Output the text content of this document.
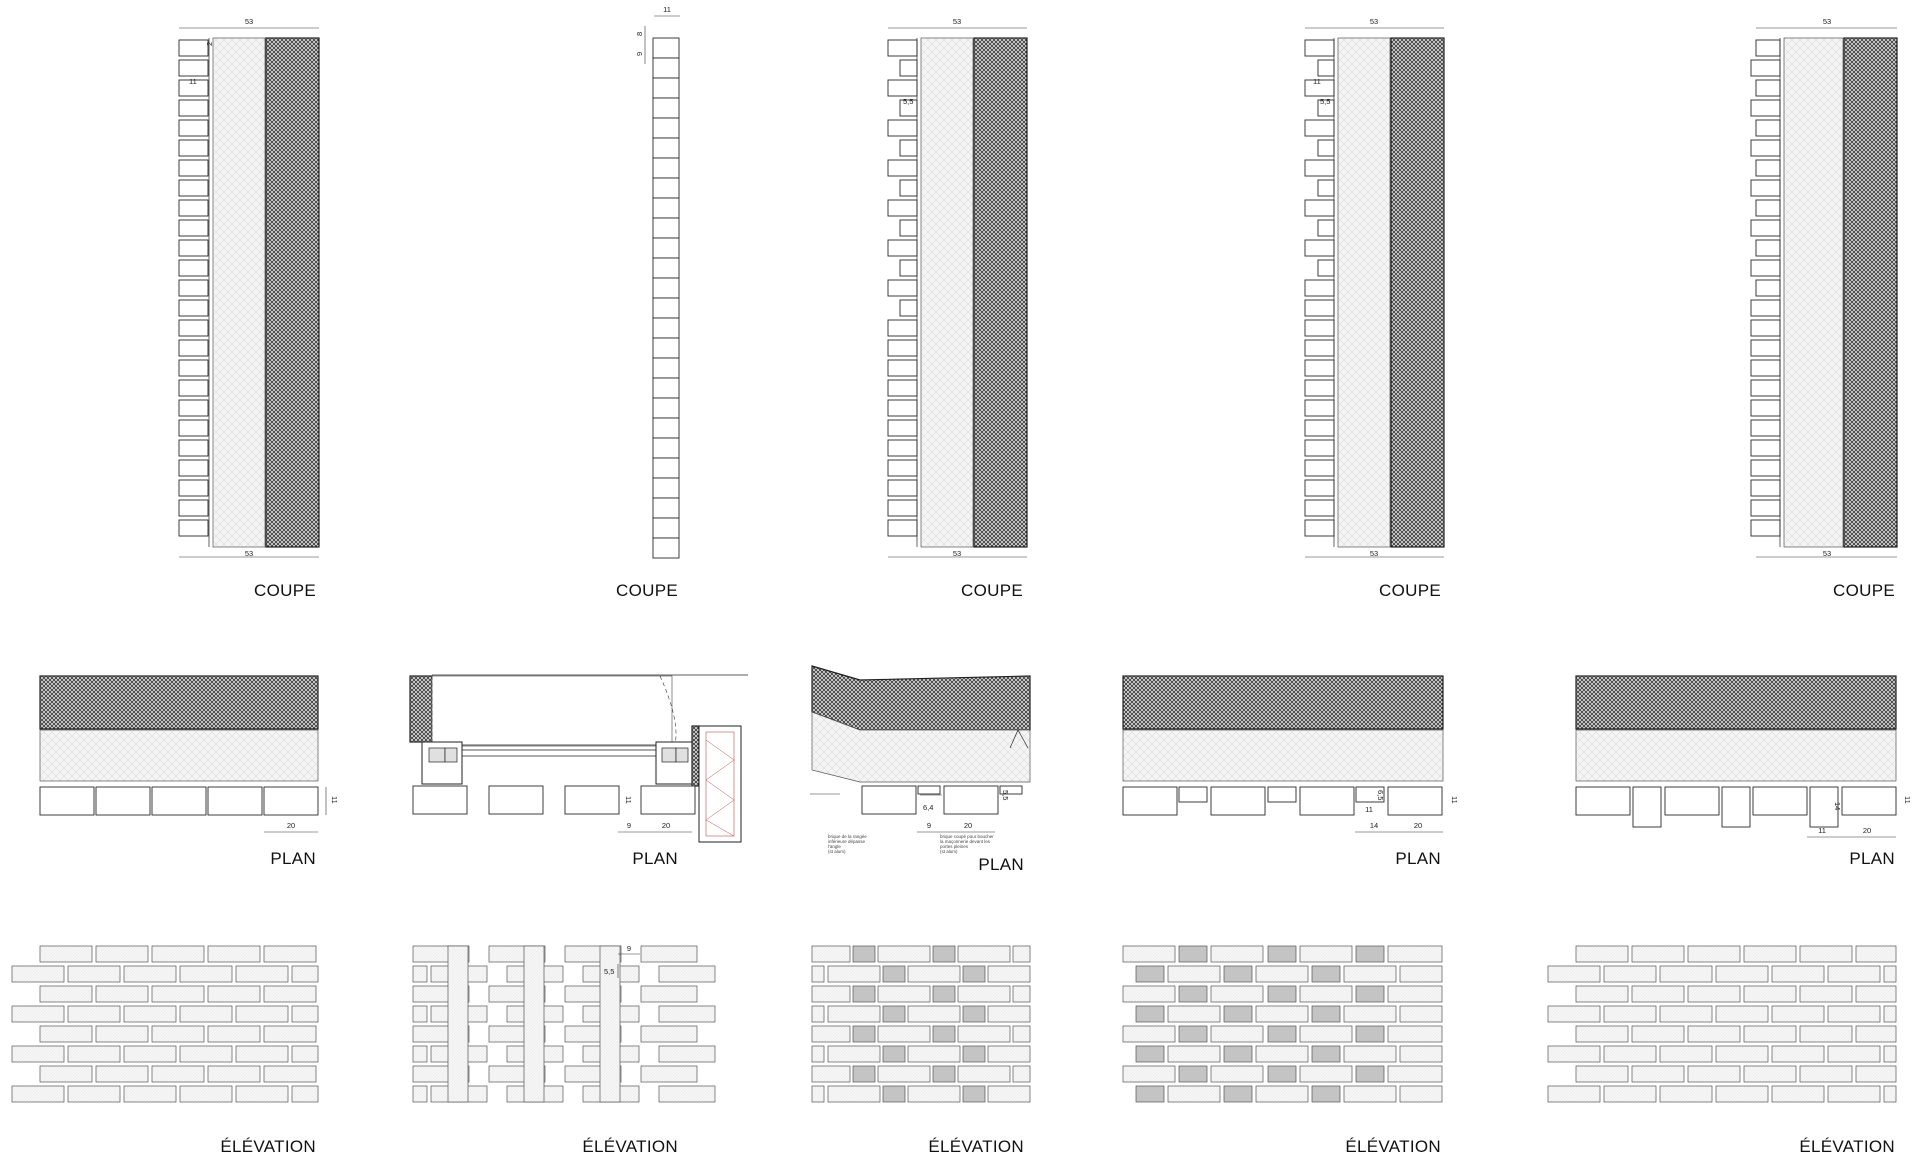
53
53
2
11
COUPE
11
8
9
COUPE
53
53
5,5
COUPE
53
53
11
5,5
COUPE
53
53
COUPE
11
20
PLAN
9	20
11
PLAN
6,4
9	20
5,5
brique de la rangée
inférieure dépasse
l'angle
(st alum)
brique coupé pour boucher
la maçonnerie devant les
portes pleines
(st alum)
PLAN
11
6,5
11
14	20
PLAN
11
14
11	20
PLAN
ÉLÉVATION
9
5,5
ÉLÉVATION	ÉLÉVATION	ÉLÉVATION	ÉLÉVATION
